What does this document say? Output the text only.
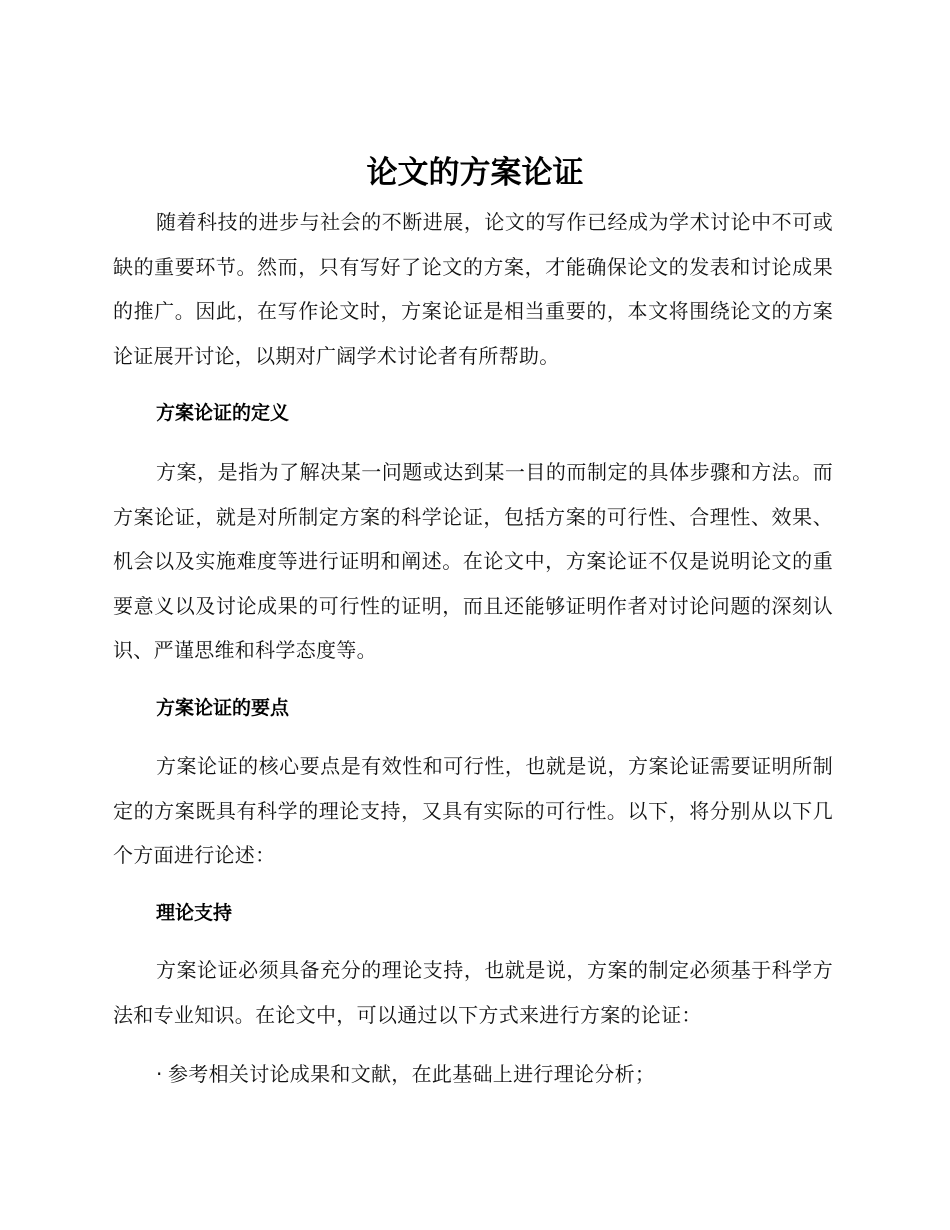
论文的方案论证

随着科技的进步与社会的不断进展，论文的写作已经成为学术讨论中不可或缺的重要环节。然而，只有写好了论文的方案，才能确保论文的发表和讨论成果的推广。因此，在写作论文时，方案论证是相当重要的，本文将围绕论文的方案论证展开讨论，以期对广阔学术讨论者有所帮助。

方案论证的定义

方案，是指为了解决某一问题或达到某一目的而制定的具体步骤和方法。而方案论证，就是对所制定方案的科学论证，包括方案的可行性、合理性、效果、机会以及实施难度等进行证明和阐述。在论文中，方案论证不仅是说明论文的重要意义以及讨论成果的可行性的证明，而且还能够证明作者对讨论问题的深刻认识、严谨思维和科学态度等。

方案论证的要点

方案论证的核心要点是有效性和可行性，也就是说，方案论证需要证明所制定的方案既具有科学的理论支持，又具有实际的可行性。以下，将分别从以下几个方面进行论述：

理论支持

方案论证必须具备充分的理论支持，也就是说，方案的制定必须基于科学方法和专业知识。在论文中，可以通过以下方式来进行方案的论证：

· 参考相关讨论成果和文献，在此基础上进行理论分析；
